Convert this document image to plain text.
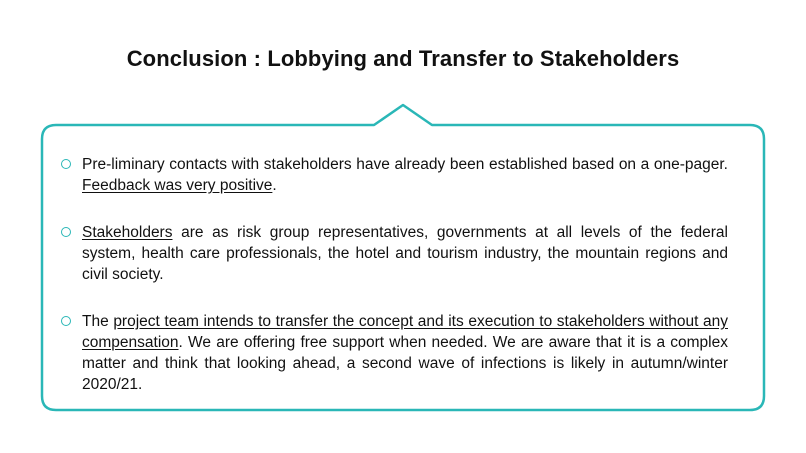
Conclusion : Lobbying and Transfer to Stakeholders
Pre-liminary contacts with stakeholders have already been established based on a one-pager. Feedback was very positive.
Stakeholders are as risk group representatives, governments at all levels of the federal system, health care professionals, the hotel and tourism industry, the mountain regions and civil society.
The project team intends to transfer the concept and its execution to stakeholders without any compensation. We are offering free support when needed. We are aware that it is a complex matter and think that looking ahead, a second wave of infections is likely in autumn/winter 2020/21.
